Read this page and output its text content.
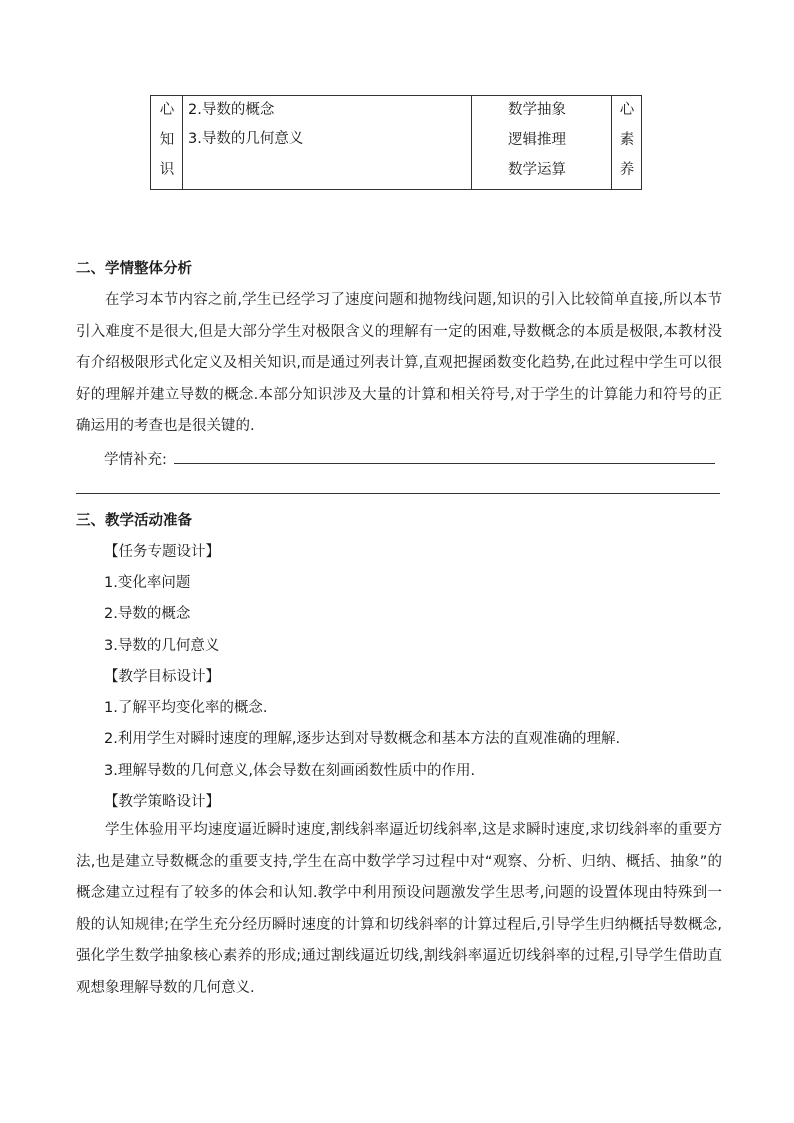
心
知
识
2.导数的概念
3.导数的几何意义
数学抽象
逻辑推理
数学运算
心
素
养
二、学情整体分析

在学习本节内容之前,学生已经学习了速度问题和抛物线问题,知识的引入比较简单直接,所以本节引入难度不是很大,但是大部分学生对极限含义的理解有一定的困难,导数概念的本质是极限,本教材没有介绍极限形式化定义及相关知识,而是通过列表计算,直观把握函数变化趋势,在此过程中学生可以很好的理解并建立导数的概念.本部分知识涉及大量的计算和相关符号,对于学生的计算能力和符号的正确运用的考查也是很关键的.

学情补充:
三、教学活动准备
【任务专题设计】
1.变化率问题
2.导数的概念
3.导数的几何意义
【教学目标设计】
1.了解平均变化率的概念.
2.利用学生对瞬时速度的理解,逐步达到对导数概念和基本方法的直观准确的理解.
3.理解导数的几何意义,体会导数在刻画函数性质中的作用.
【教学策略设计】

学生体验用平均速度逼近瞬时速度,割线斜率逼近切线斜率,这是求瞬时速度,求切线斜率的重要方法,也是建立导数概念的重要支持,学生在高中数学学习过程中对“观察、分析、归纳、概括、抽象”的概念建立过程有了较多的体会和认知.教学中利用预设问题激发学生思考,问题的设置体现由特殊到一般的认知规律;在学生充分经历瞬时速度的计算和切线斜率的计算过程后,引导学生归纳概括导数概念,强化学生数学抽象核心素养的形成;通过割线逼近切线,割线斜率逼近切线斜率的过程,引导学生借助直观想象理解导数的几何意义.
